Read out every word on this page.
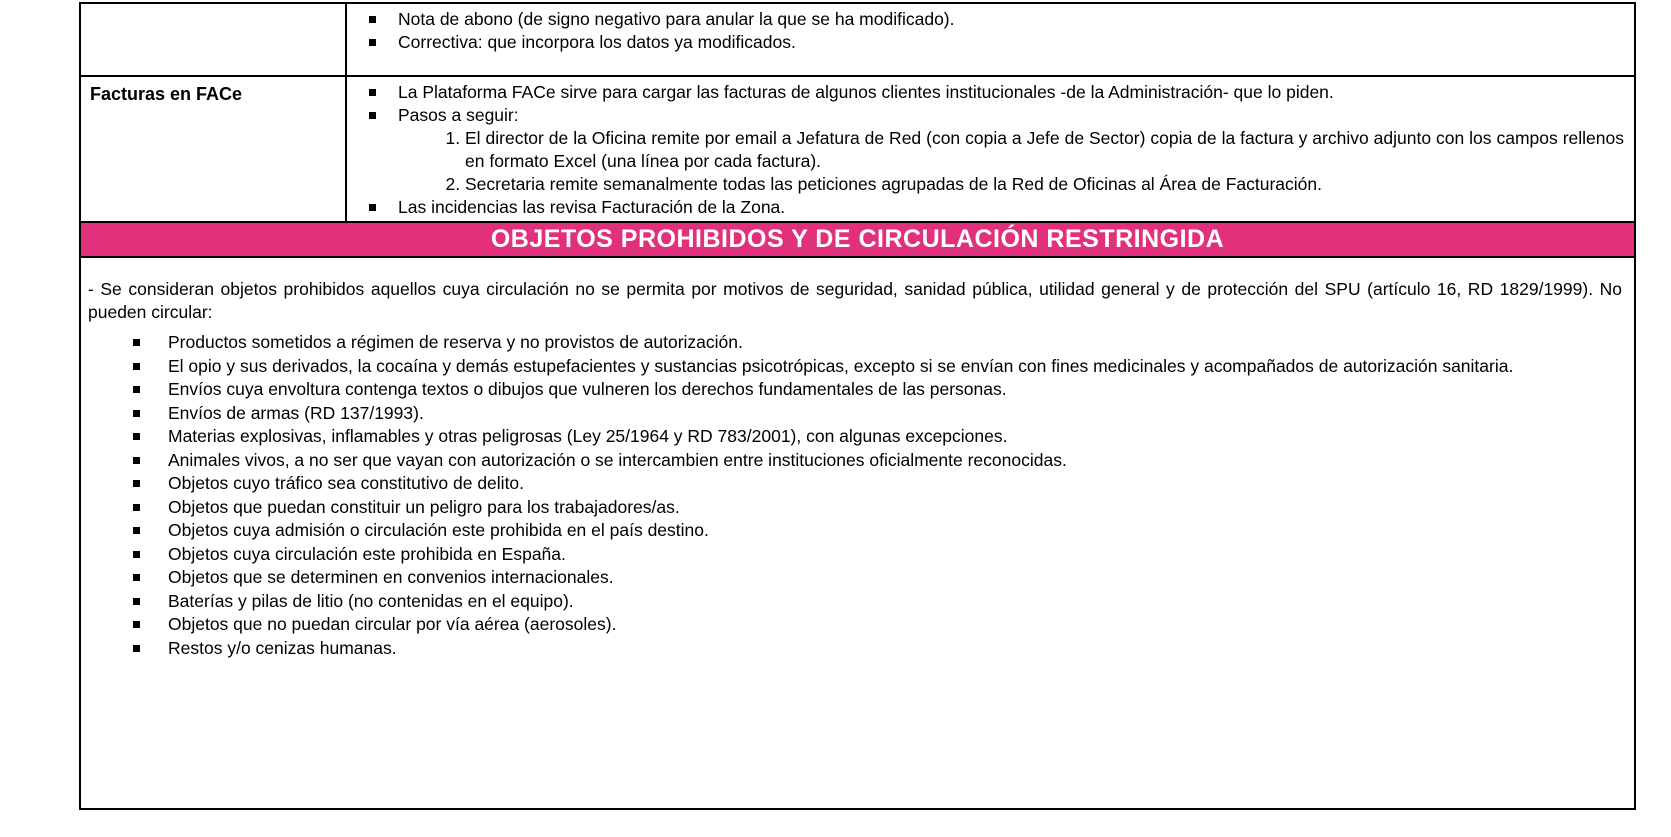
Nota de abono (de signo negativo para anular la que se ha modificado).
Correctiva: que incorpora los datos ya modificados.
Facturas en FACe	La Plataforma FACe sirve para cargar las facturas de algunos clientes institucionales -de la Administración- que lo piden.
Pasos a seguir:
1. El director de la Oficina remite por email a Jefatura de Red (con copia a Jefe de Sector) copia de la factura y archivo adjunto con los campos rellenos en formato Excel (una línea por cada factura).
2. Secretaria remite semanalmente todas las peticiones agrupadas de la Red de Oficinas al Área de Facturación.
Las incidencias las revisa Facturación de la Zona.
OBJETOS PROHIBIDOS Y DE CIRCULACIÓN RESTRINGIDA

- Se consideran objetos prohibidos aquellos cuya circulación no se permita por motivos de seguridad, sanidad pública, utilidad general y de protección del SPU (artículo 16, RD 1829/1999). No pueden circular:

Productos sometidos a régimen de reserva y no provistos de autorización.
El opio y sus derivados, la cocaína y demás estupefacientes y sustancias psicotrópicas, excepto si se envían con fines medicinales y acompañados de autorización sanitaria.
Envíos cuya envoltura contenga textos o dibujos que vulneren los derechos fundamentales de las personas.
Envíos de armas (RD 137/1993).
Materias explosivas, inflamables y otras peligrosas (Ley 25/1964 y RD 783/2001), con algunas excepciones.
Animales vivos, a no ser que vayan con autorización o se intercambien entre instituciones oficialmente reconocidas.
Objetos cuyo tráfico sea constitutivo de delito.
Objetos que puedan constituir un peligro para los trabajadores/as.
Objetos cuya admisión o circulación este prohibida en el país destino.
Objetos cuya circulación este prohibida en España.
Objetos que se determinen en convenios internacionales.
Baterías y pilas de litio (no contenidas en el equipo).
Objetos que no puedan circular por vía aérea (aerosoles).
Restos y/o cenizas humanas.
